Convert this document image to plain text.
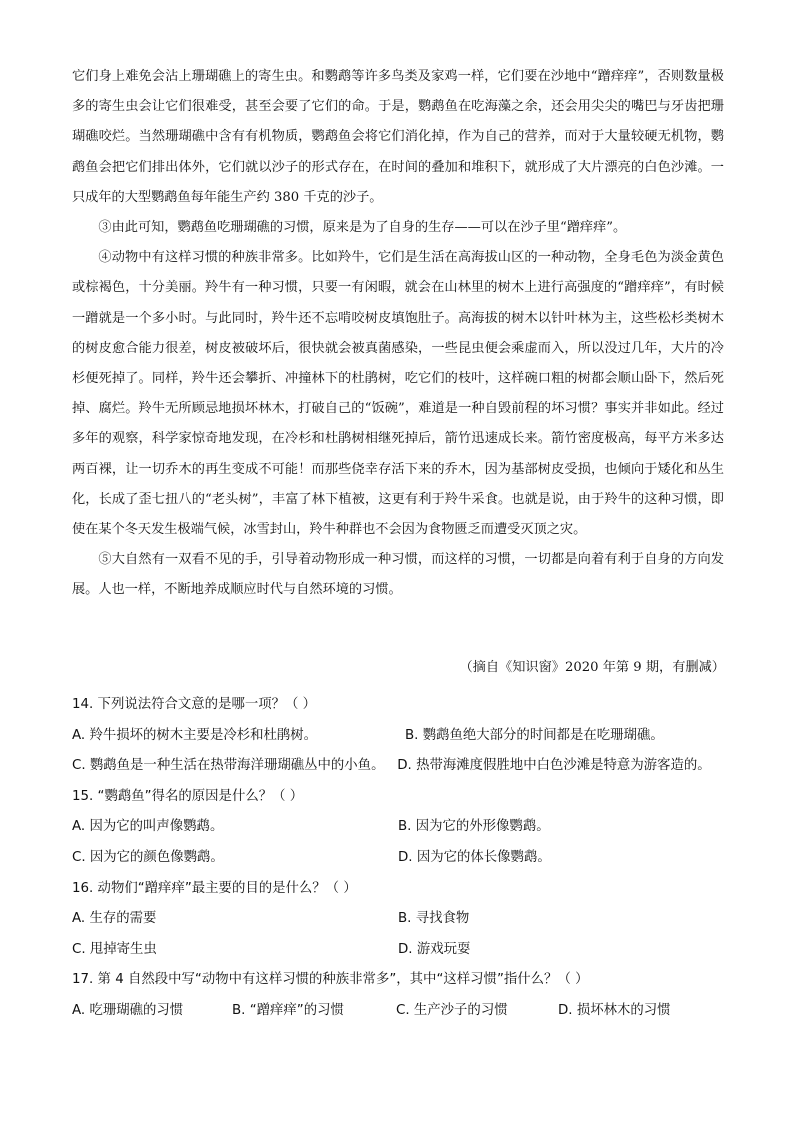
它们身上难免会沾上珊瑚礁上的寄生虫。和鹦鹉等许多鸟类及家鸡一样，它们要在沙地中“蹭痒痒”，否则数量极多的寄生虫会让它们很难受，甚至会要了它们的命。于是，鹦鹉鱼在吃海藻之余，还会用尖尖的嘴巴与牙齿把珊瑚礁咬烂。当然珊瑚礁中含有有机物质，鹦鹉鱼会将它们消化掉，作为自己的营养，而对于大量较硬无机物，鹦鹉鱼会把它们排出体外，它们就以沙子的形式存在，在时间的叠加和堆积下，就形成了大片漂亮的白色沙滩。一只成年的大型鹦鹉鱼每年能生产约 380 千克的沙子。

③由此可知，鹦鹉鱼吃珊瑚礁的习惯，原来是为了自身的生存——可以在沙子里“蹭痒痒”。

④动物中有这样习惯的种族非常多。比如羚牛，它们是生活在高海拔山区的一种动物，全身毛色为淡金黄色或棕褐色，十分美丽。羚牛有一种习惯，只要一有闲暇，就会在山林里的树木上进行高强度的“蹭痒痒”，有时候一蹭就是一个多小时。与此同时，羚牛还不忘啃咬树皮填饱肚子。高海拔的树木以针叶林为主，这些松杉类树木的树皮愈合能力很差，树皮被破坏后，很快就会被真菌感染，一些昆虫便会乘虚而入，所以没过几年，大片的冷杉便死掉了。同样，羚牛还会攀折、冲撞林下的杜鹃树，吃它们的枝叶，这样碗口粗的树都会顺山卧下，然后死掉、腐烂。羚牛无所顾忌地损坏林木，打破自己的“饭碗”，难道是一种自毁前程的坏习惯？事实并非如此。经过多年的观察，科学家惊奇地发现，在冷杉和杜鹃树相继死掉后，箭竹迅速成长来。箭竹密度极高，每平方米多达两百裸，让一切乔木的再生变成不可能！而那些侥幸存活下来的乔木，因为基部树皮受损，也倾向于矮化和丛生化，长成了歪七扭八的“老头树”，丰富了林下植被，这更有利于羚牛采食。也就是说，由于羚牛的这种习惯，即使在某个冬天发生极端气候，冰雪封山，羚牛种群也不会因为食物匮乏而遭受灭顶之灾。

⑤大自然有一双看不见的手，引导着动物形成一种习惯，而这样的习惯，一切都是向着有利于自身的方向发展。人也一样，不断地养成顺应时代与自然环境的习惯。

（摘自《知识窗》2020 年第 9 期，有删减）

14. 下列说法符合文意的是哪一项？（ ）

A. 羚牛损坏的树木主要是冷杉和杜鹃树。	B. 鹦鹉鱼绝大部分的时间都是在吃珊瑚礁。

C. 鹦鹉鱼是一种生活在热带海洋珊瑚礁丛中的小鱼。 D. 热带海滩度假胜地中白色沙滩是特意为游客造的。

15. “鹦鹉鱼”得名的原因是什么？（ ）

A. 因为它的叫声像鹦鹉。	B. 因为它的外形像鹦鹉。
C. 因为它的颜色像鹦鹉。	D. 因为它的体长像鹦鹉。

16. 动物们“蹭痒痒”最主要的目的是什么？（ ）

A. 生存的需要	B. 寻找食物
C. 甩掉寄生虫	D. 游戏玩耍

17. 第 4 自然段中写“动物中有这样习惯的种族非常多”，其中“这样习惯”指什么？（ ）

A. 吃珊瑚礁的习惯	B. “蹭痒痒”的习惯	C. 生产沙子的习惯	D. 损坏林木的习惯
